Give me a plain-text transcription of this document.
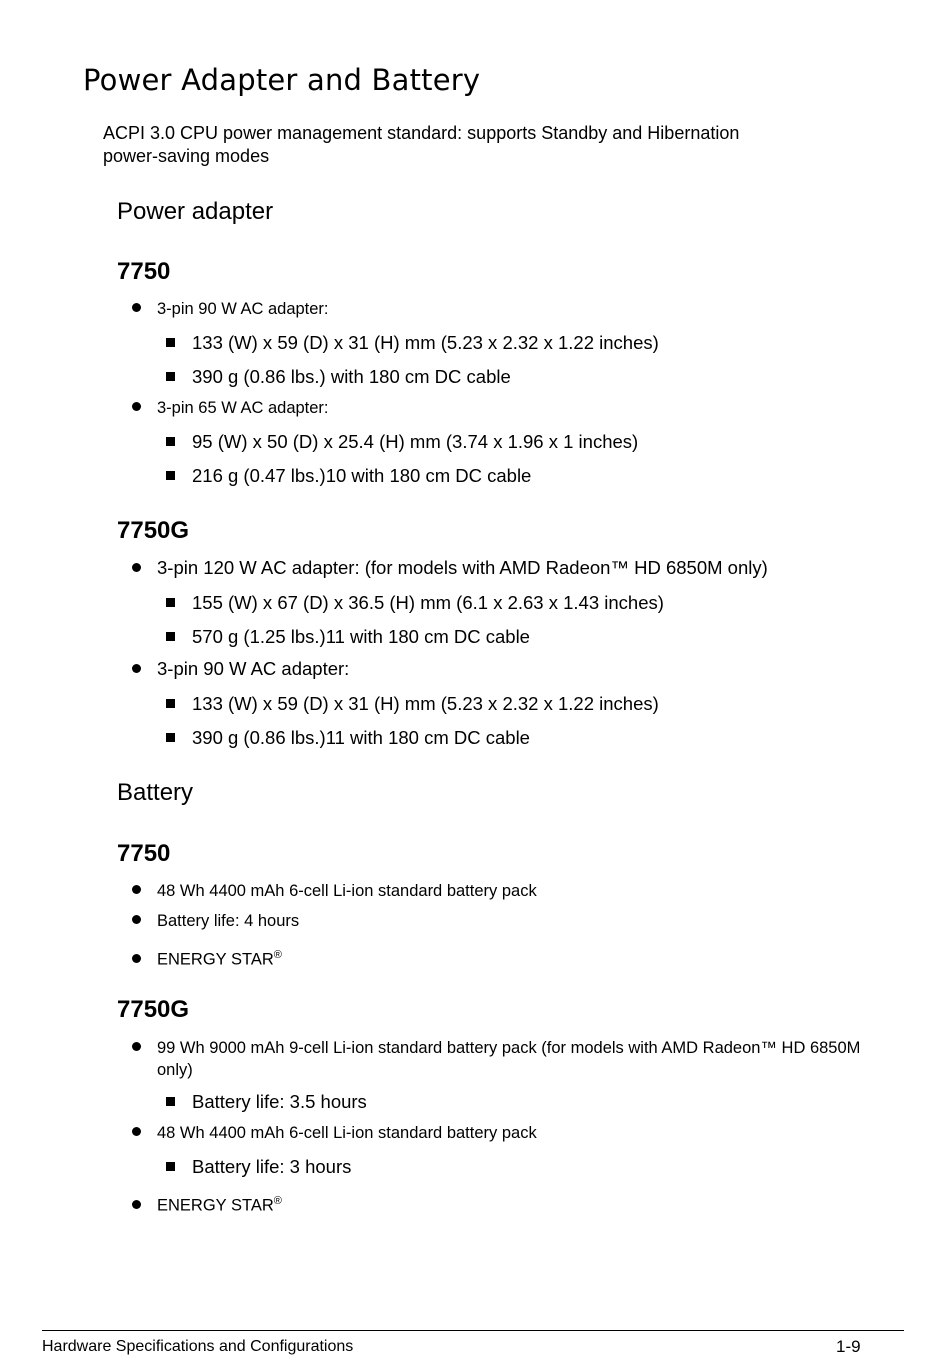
Power Adapter and Battery
ACPI 3.0 CPU power management standard: supports Standby and Hibernation
power-saving modes
Power adapter
7750
3-pin 90 W AC adapter:
133 (W) x 59 (D) x 31 (H) mm (5.23 x 2.32 x 1.22 inches)
390 g (0.86 lbs.) with 180 cm DC cable
3-pin 65 W AC adapter:
95 (W) x 50 (D) x 25.4 (H) mm (3.74 x 1.96 x 1 inches)
216 g (0.47 lbs.)10 with 180 cm DC cable
7750G
3-pin 120 W AC adapter: (for models with AMD Radeon™ HD 6850M only)
155 (W) x 67 (D) x 36.5 (H) mm (6.1 x 2.63 x 1.43 inches)
570 g (1.25 lbs.)11 with 180 cm DC cable
3-pin 90 W AC adapter:
133 (W) x 59 (D) x 31 (H) mm (5.23 x 2.32 x 1.22 inches)
390 g (0.86 lbs.)11 with 180 cm DC cable
Battery
7750
48 Wh 4400 mAh 6-cell Li-ion standard battery pack
Battery life: 4 hours
ENERGY STAR®
7750G
99 Wh 9000 mAh 9-cell Li-ion standard battery pack (for models with AMD Radeon™ HD 6850M
only)
Battery life: 3.5 hours
48 Wh 4400 mAh 6-cell Li-ion standard battery pack
Battery life: 3 hours
ENERGY STAR®
Hardware Specifications and Configurations	1-9
